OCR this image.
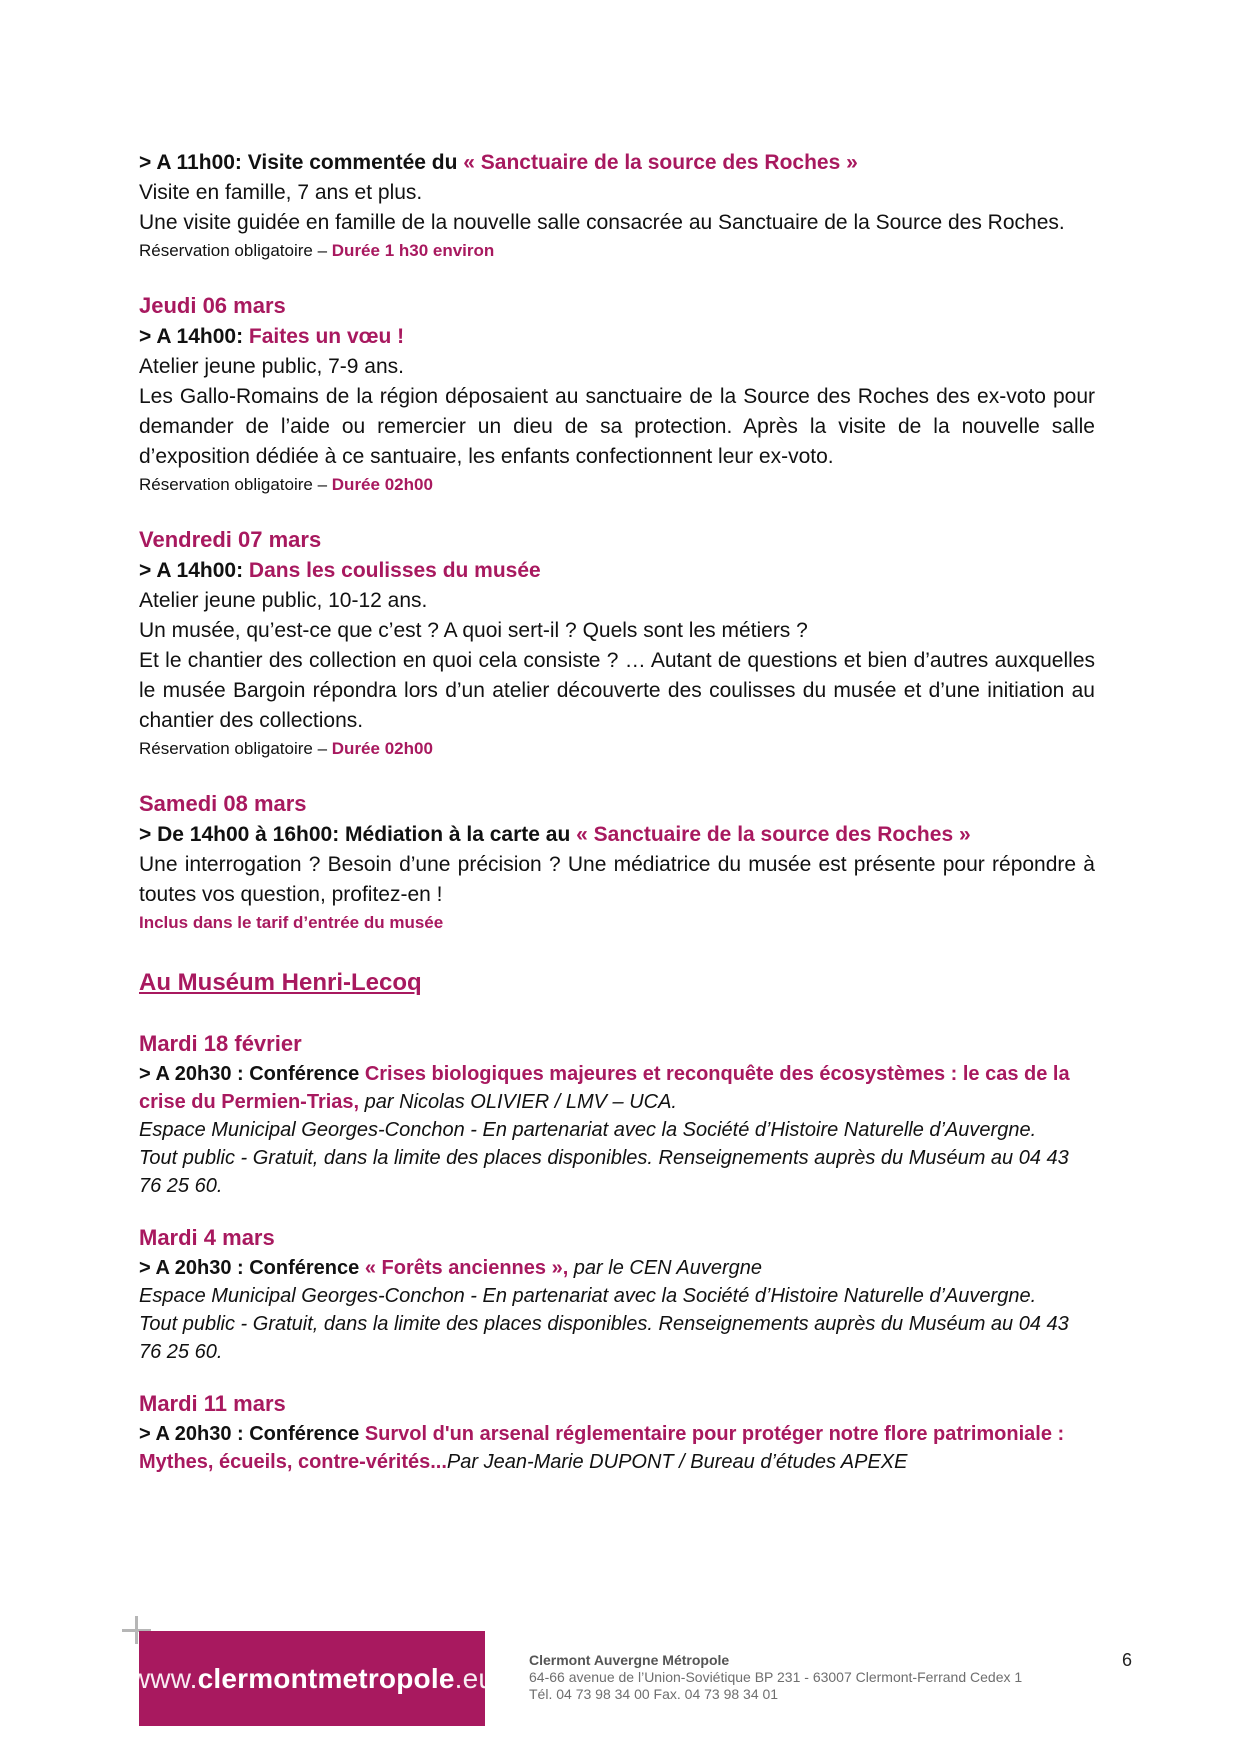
> A 11h00: Visite commentée du « Sanctuaire de la source des Roches »

Visite en famille, 7 ans et plus.

Une visite guidée en famille de la nouvelle salle consacrée au Sanctuaire de la Source des Roches.

Réservation obligatoire – Durée 1 h30 environ

Jeudi 06 mars

> A 14h00: Faites un vœu !

Atelier jeune public, 7-9 ans.

Les Gallo-Romains de la région déposaient au sanctuaire de la Source des Roches des ex-voto pour demander de l’aide ou remercier un dieu de sa protection. Après la visite de la nouvelle salle d’exposition dédiée à ce santuaire, les enfants confectionnent leur ex-voto.

Réservation obligatoire – Durée 02h00

Vendredi 07 mars

> A 14h00: Dans les coulisses du musée

Atelier jeune public, 10-12 ans.

Un musée, qu’est-ce que c’est ? A quoi sert-il ? Quels sont les métiers ?

Et le chantier des collection en quoi cela consiste ? … Autant de questions et bien d’autres auxquelles le musée Bargoin répondra lors d’un atelier découverte des coulisses du musée et d’une initiation au chantier des collections.

Réservation obligatoire – Durée 02h00

Samedi 08 mars

> De 14h00 à 16h00: Médiation à la carte au « Sanctuaire de la source des Roches »

Une interrogation ? Besoin d’une précision ? Une médiatrice du musée est présente pour répondre à toutes vos question, profitez-en !

Inclus dans le tarif d’entrée du musée

Au Muséum Henri-Lecoq

Mardi 18 février

> A 20h30 : Conférence Crises biologiques majeures et reconquête des écosystèmes : le cas de la crise du Permien-Trias, par Nicolas OLIVIER / LMV – UCA.

Espace Municipal Georges-Conchon - En partenariat avec la Société d’Histoire Naturelle d’Auvergne.

Tout public - Gratuit, dans la limite des places disponibles. Renseignements auprès du Muséum au 04 43 76 25 60.

Mardi 4 mars

> A 20h30 : Conférence « Forêts anciennes », par le CEN Auvergne

Espace Municipal Georges-Conchon - En partenariat avec la Société d’Histoire Naturelle d’Auvergne.

Tout public - Gratuit, dans la limite des places disponibles. Renseignements auprès du Muséum au 04 43 76 25 60.

Mardi 11 mars

> A 20h30 : Conférence Survol d'un arsenal réglementaire pour protéger notre flore patrimoniale : Mythes, écueils, contre-vérités...Par Jean-Marie DUPONT / Bureau d’études APEXE

www. clermontmetropole .eu
Clermont Auvergne Métropole
64-66 avenue de l’Union-Soviétique BP 231 - 63007 Clermont-Ferrand Cedex 1
Tél. 04 73 98 34 00 Fax. 04 73 98 34 01
6
